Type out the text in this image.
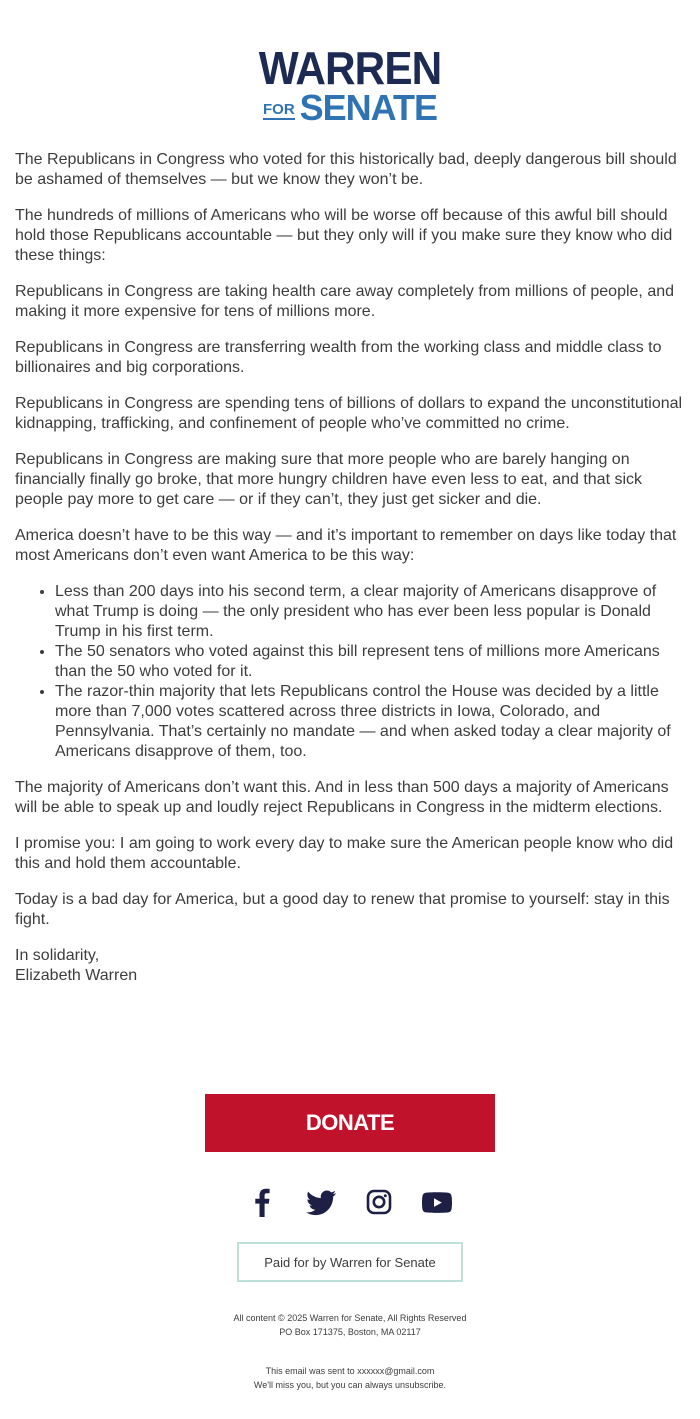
WARREN
FOR SENATE

The Republicans in Congress who voted for this historically bad, deeply dangerous bill should be ashamed of themselves — but we know they won’t be.

The hundreds of millions of Americans who will be worse off because of this awful bill should hold those Republicans accountable — but they only will if you make sure they know who did these things:

Republicans in Congress are taking health care away completely from millions of people, and making it more expensive for tens of millions more.

Republicans in Congress are transferring wealth from the working class and middle class to billionaires and big corporations.

Republicans in Congress are spending tens of billions of dollars to expand the unconstitutional kidnapping, trafficking, and confinement of people who’ve committed no crime.

Republicans in Congress are making sure that more people who are barely hanging on financially finally go broke, that more hungry children have even less to eat, and that sick people pay more to get care — or if they can’t, they just get sicker and die.

America doesn’t have to be this way — and it’s important to remember on days like today that most Americans don’t even want America to be this way:

• Less than 200 days into his second term, a clear majority of Americans disapprove of what Trump is doing — the only president who has ever been less popular is Donald Trump in his first term.
• The 50 senators who voted against this bill represent tens of millions more Americans than the 50 who voted for it.
• The razor-thin majority that lets Republicans control the House was decided by a little more than 7,000 votes scattered across three districts in Iowa, Colorado, and Pennsylvania. That’s certainly no mandate — and when asked today a clear majority of Americans disapprove of them, too.

The majority of Americans don’t want this. And in less than 500 days a majority of Americans will be able to speak up and loudly reject Republicans in Congress in the midterm elections.

I promise you: I am going to work every day to make sure the American people know who did this and hold them accountable.

Today is a bad day for America, but a good day to renew that promise to yourself: stay in this fight.

In solidarity,

Elizabeth Warren

DONATE
Paid for by Warren for Senate
All content © 2025 Warren for Senate, All Rights Reserved
PO Box 171375, Boston, MA 02117
This email was sent to xxxxxx@gmail.com
We'll miss you, but you can always unsubscribe.
